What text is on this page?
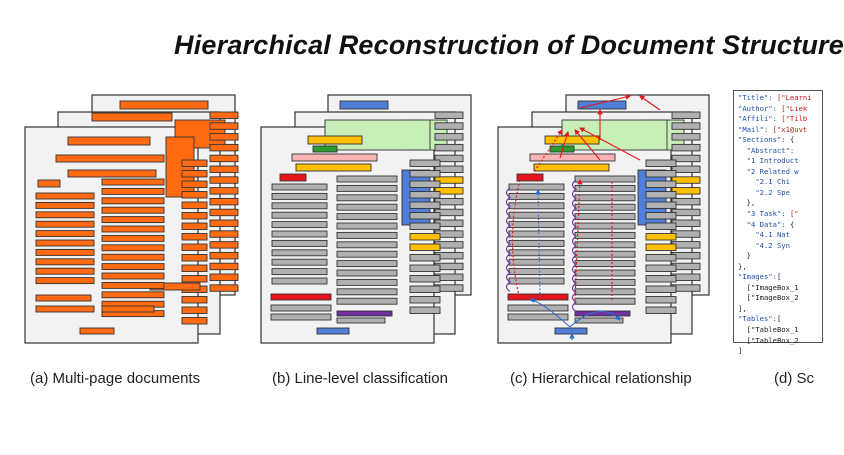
Hierarchical Reconstruction of Document Structure
"Title": ["Learni
"Author": ["Liek
"Affili": ["Tilb
"Mail": ["x1@uvt
"Sections": {
"Abstract":
"1 Introduct
"2 Related w
"2.1 Chi
"2.2 Spe
},
"3 Task": ["
"4 Data": {
"4.1 Nat
"4.2 Syn
}
},
"Images":[
["ImageBox_1
["ImageBox_2
],
"Tables":[
["TableBox_1
["TableBox_2
]
(a) Multi-page documents	(b) Line-level classification	(c) Hierarchical relationship	(d) Sc
